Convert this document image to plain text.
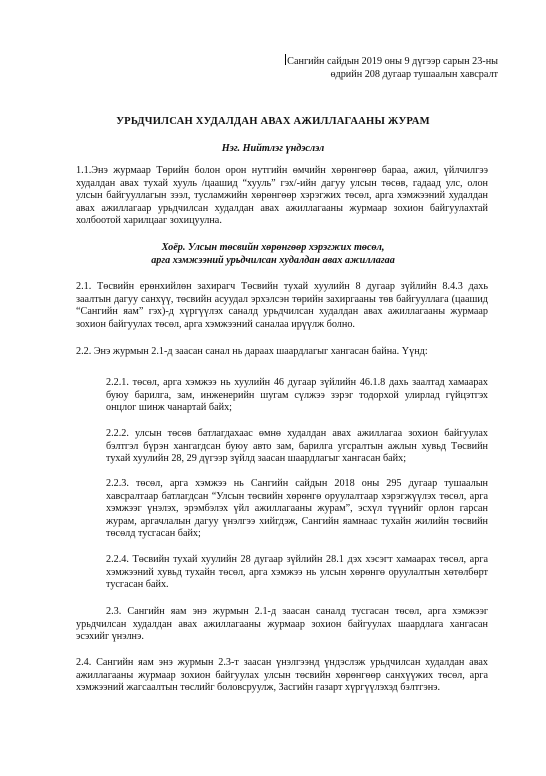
Сангийн сайдын 2019 оны 9 дүгээр сарын 23-ны
өдрийн 208 дугаар тушаалын хавсралт
УРЬДЧИЛСАН ХУДАЛДАН АВАХ АЖИЛЛАГААНЫ ЖУРАМ
Нэг. Нийтлэг үндэслэл
1.1.Энэ журмаар Төрийн болон орон нутгийн өмчийн хөрөнгөөр бараа, ажил, үйлчилгээ худалдан авах тухай хууль /цаашид “хууль” гэх/-ийн дагуу улсын төсөв, гадаад улс, олон улсын байгууллагын зээл, тусламжийн хөрөнгөөр хэрэгжих төсөл, арга хэмжээний худалдан авах ажиллагаар урьдчилсан худалдан авах ажиллагааны журмаар зохион байгуулахтай холбоотой харилцааг зохицуулна.
Хоёр. Улсын төсвийн хөрөнгөөр хэрэгжих төсөл,
арга хэмжээний урьдчилсан худалдан авах ажиллагаа
2.1. Төсвийн ерөнхийлөн захирагч Төсвийн тухай хуулийн 8 дугаар зүйлийн 8.4.3 дахь заалтын дагуу санхүү, төсвийн асуудал эрхэлсэн төрийн захиргааны төв байгууллага (цаашид “Сангийн яам” гэх)-д хүргүүлэх саналд урьдчилсан худалдан авах ажиллагааны журмаар зохион байгуулах төсөл, арга хэмжээний саналаа ирүүлж болно.
2.2. Энэ журмын 2.1-д заасан санал нь дараах шаардлагыг хангасан байна. Үүнд:
2.2.1. төсөл, арга хэмжээ нь хуулийн 46 дугаар зүйлийн 46.1.8 дахь заалтад хамаарах буюу барилга, зам, инженерийн шугам сүлжээ зэрэг тодорхой улирлад гүйцэтгэх онцлог шинж чанартай байх;
2.2.2. улсын төсөв батлагдахаас өмнө худалдан авах ажиллагаа зохион байгуулах бэлтгэл бүрэн хангагдсан буюу авто зам, барилга угсралтын ажлын хувьд Төсвийн тухай хуулийн 28, 29 дүгээр зүйлд заасан шаардлагыг хангасан байх;
2.2.3. төсөл, арга хэмжээ нь Сангийн сайдын 2018 оны 295 дугаар тушаалын хавсралтаар батлагдсан “Улсын төсвийн хөрөнгө оруулалтаар хэрэгжүүлэх төсөл, арга хэмжээг үнэлэх, эрэмбэлэх үйл ажиллагааны журам”, эсхүл түүнийг орлон гарсан журам, аргачлалын дагуу үнэлгээ хийгдэж, Сангийн яамнаас тухайн жилийн төсвийн төсөлд тусгасан байх;
2.2.4. Төсвийн тухай хуулийн 28 дугаар зүйлийн 28.1 дэх хэсэгт хамаарах төсөл, арга хэмжээний хувьд тухайн төсөл, арга хэмжээ нь улсын хөрөнгө оруулалтын хөтөлбөрт тусгасан байх.
2.3. Сангийн яам энэ журмын 2.1-д заасан саналд тусгасан төсөл, арга хэмжээг урьдчилсан худалдан авах ажиллагааны журмаар зохион байгуулах шаардлага хангасан эсэхийг үнэлнэ.
2.4. Сангийн яам энэ журмын 2.3-т заасан үнэлгээнд үндэслэж урьдчилсан худалдан авах ажиллагааны журмаар зохион байгуулах улсын төсвийн хөрөнгөөр санхүүжих төсөл, арга хэмжээний жагсаалтын төслийг боловсруулж, Засгийн газарт хүргүүлэхэд бэлтгэнэ.
